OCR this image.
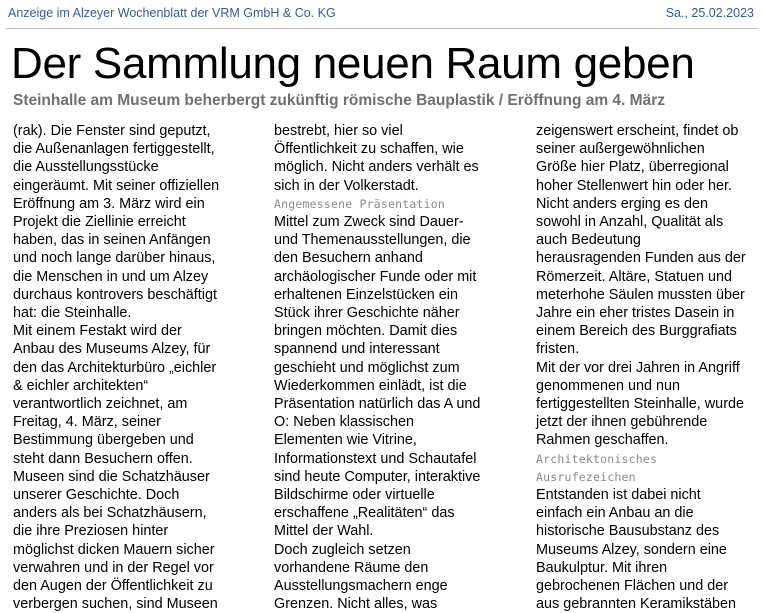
Anzeige im Alzeyer Wochenblatt der VRM GmbH & Co. KG	Sa., 25.02.2023
Der Sammlung neuen Raum geben
Steinhalle am Museum beherbergt zukünftig römische Bauplastik / Eröffnung am 4. März
(rak). Die Fenster sind geputzt,
die Außenanlagen fertiggestellt,
die Ausstellungsstücke
eingeräumt. Mit seiner offiziellen
Eröffnung am 3. März wird ein
Projekt die Ziellinie erreicht
haben, das in seinen Anfängen
und noch lange darüber hinaus,
die Menschen in und um Alzey
durchaus kontrovers beschäftigt
hat: die Steinhalle.
Mit einem Festakt wird der
Anbau des Museums Alzey, für
den das Architekturbüro „eichler
& eichler architekten“
verantwortlich zeichnet, am
Freitag, 4. März, seiner
Bestimmung übergeben und
steht dann Besuchern offen.
Museen sind die Schatzhäuser
unserer Geschichte. Doch
anders als bei Schatzhäusern,
die ihre Preziosen hinter
möglichst dicken Mauern sicher
verwahren und in der Regel vor
den Augen der Öffentlichkeit zu
verbergen suchen, sind Museen
bestrebt, hier so viel
Öffentlichkeit zu schaffen, wie
möglich. Nicht anders verhält es
sich in der Volkerstadt.
Angemessene Präsentation
Mittel zum Zweck sind Dauer-
und Themenausstellungen, die
den Besuchern anhand
archäologischer Funde oder mit
erhaltenen Einzelstücken ein
Stück ihrer Geschichte näher
bringen möchten. Damit dies
spannend und interessant
geschieht und möglichst zum
Wiederkommen einlädt, ist die
Präsentation natürlich das A und
O: Neben klassischen
Elementen wie Vitrine,
Informationstext und Schautafel
sind heute Computer, interaktive
Bildschirme oder virtuelle
erschaffene „Realitäten“ das
Mittel der Wahl.
Doch zugleich setzen
vorhandene Räume den
Ausstellungsmachern enge
Grenzen. Nicht alles, was
zeigenswert erscheint, findet ob
seiner außergewöhnlichen
Größe hier Platz, überregional
hoher Stellenwert hin oder her.
Nicht anders erging es den
sowohl in Anzahl, Qualität als
auch Bedeutung
herausragenden Funden aus der
Römerzeit. Altäre, Statuen und
meterhohe Säulen mussten über
Jahre ein eher tristes Dasein in
einem Bereich des Burggrafiats
fristen.
Mit der vor drei Jahren in Angriff
genommenen und nun
fertiggestellten Steinhalle, wurde
jetzt der ihnen gebührende
Rahmen geschaffen.
Architektonisches
Ausrufezeichen
Entstanden ist dabei nicht
einfach ein Anbau an die
historische Bausubstanz des
Museums Alzey, sondern eine
Baukulptur. Mit ihren
gebrochenen Flächen und der
aus gebrannten Keramikstäben
